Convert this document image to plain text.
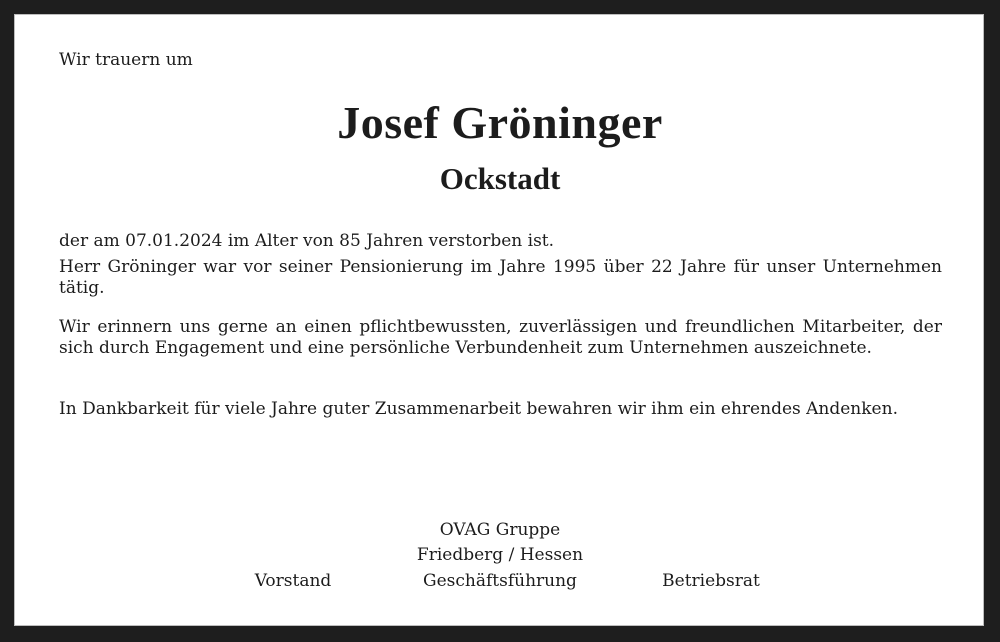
Wir trauern um
Josef Gröninger
Ockstadt
der am 07.01.2024 im Alter von 85 Jahren verstorben ist.
Herr Gröninger war vor seiner Pensionierung im Jahre 1995 über 22 Jahre für unser Unternehmen tätig.
Wir erinnern uns gerne an einen pflichtbewussten, zuverlässigen und freundlichen Mitarbeiter, der sich durch Engagement und eine persönliche Verbundenheit zum Unternehmen auszeichnete.
In Dankbarkeit für viele Jahre guter Zusammenarbeit bewahren wir ihm ein ehrendes Andenken.
OVAG Gruppe
Friedberg / Hessen
Vorstand	Geschäftsführung	Betriebsrat
